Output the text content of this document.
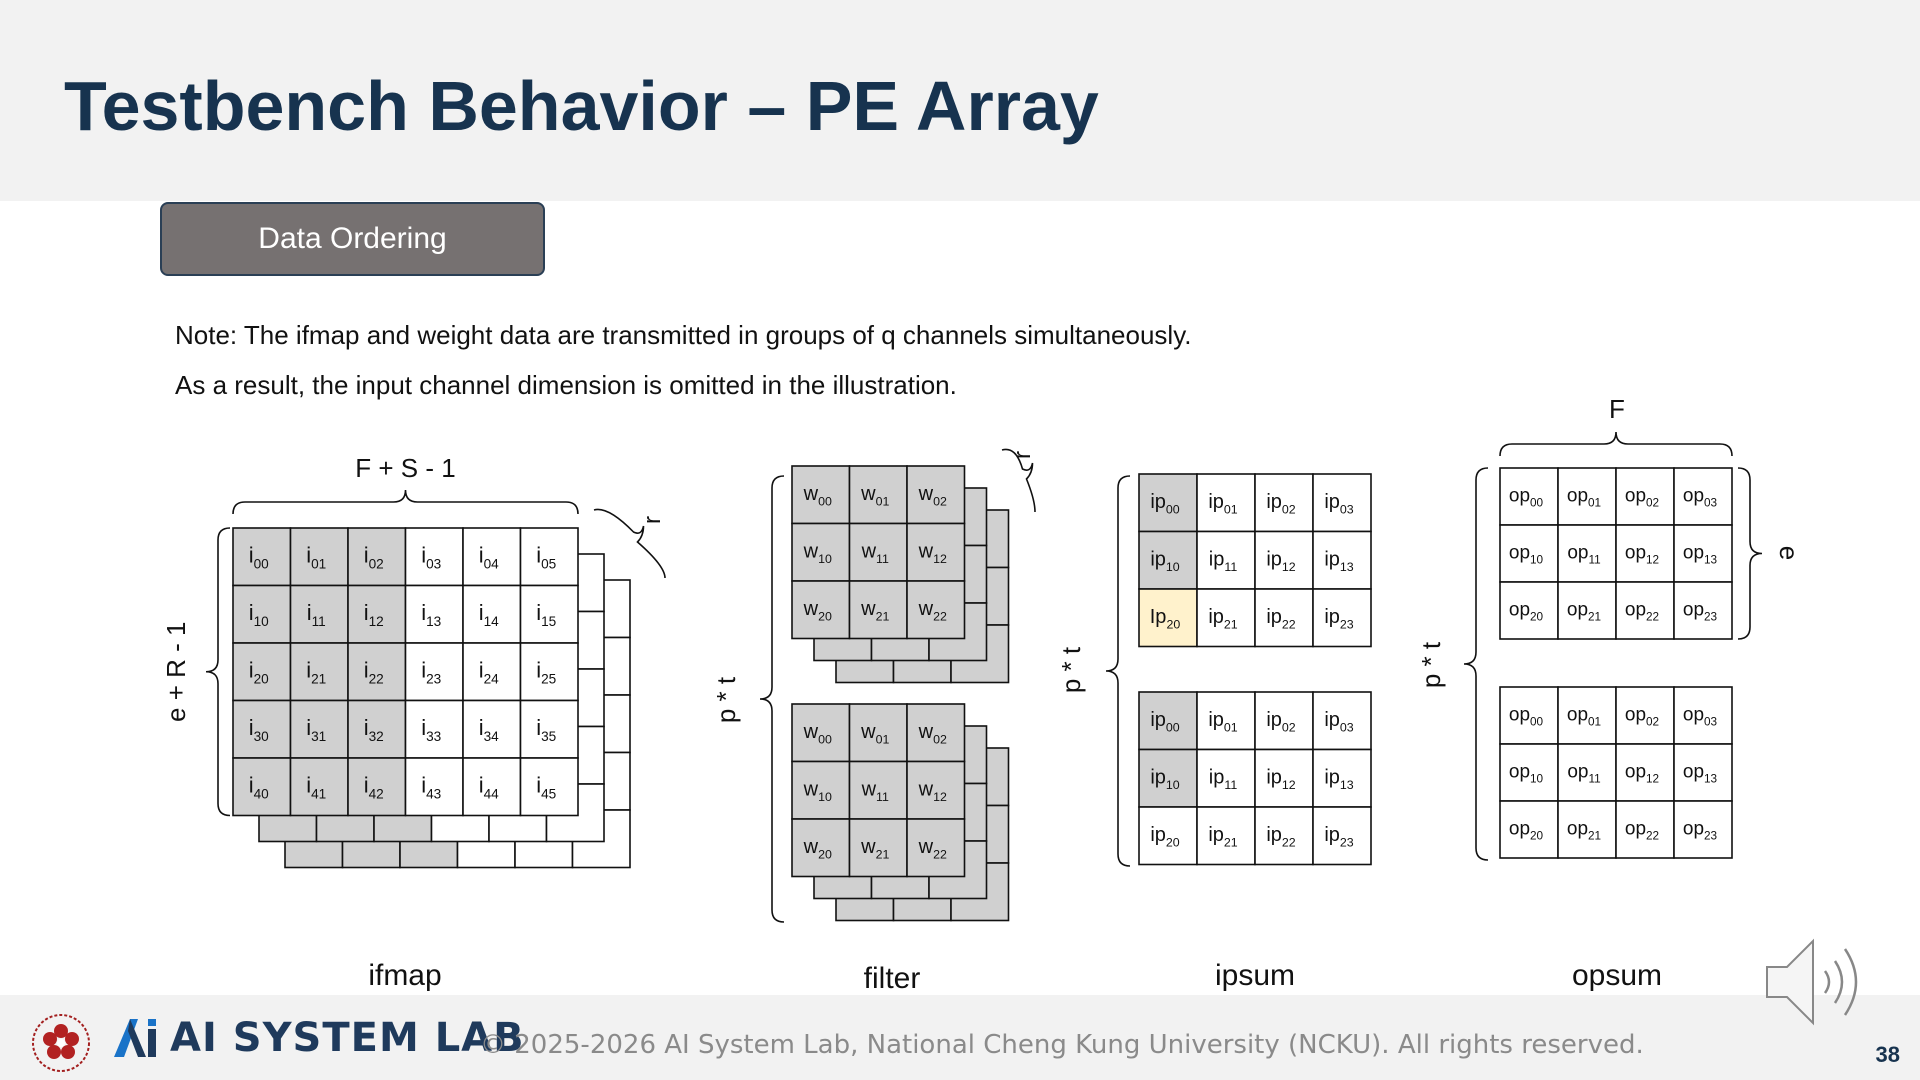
Testbench Behavior – PE Array
Data Ordering
Note: The ifmap and weight data are transmitted in groups of q channels simultaneously.
As a result, the input channel dimension is omitted in the illustration.
$i_{00}$ $i_{01}$ $i_{02}$ $i_{03}$ $i_{04}$ $i_{05}$
$i_{10}$ $i_{11}$ $i_{12}$ $i_{13}$ $i_{14}$ $i_{15}$
$i_{20}$ $i_{21}$ $i_{22}$ $i_{23}$ $i_{24}$ $i_{25}$
$i_{30}$ $i_{31}$ $i_{32}$ $i_{33}$ $i_{34}$ $i_{35}$
$i_{40}$ $i_{41}$ $i_{42}$ $i_{43}$ $i_{44}$ $i_{45}$
F + S - 1
e + R - 1
r
ifmap
$w_{00}$ $w_{01}$ $w_{02}$
$w_{10}$ $w_{11}$ $w_{12}$
$w_{20}$ $w_{21}$ $w_{22}$
$w_{00}$ $w_{01}$ $w_{02}$
$w_{10}$ $w_{11}$ $w_{12}$
$w_{20}$ $w_{21}$ $w_{22}$
p * t
r
filter
$ip_{00}$ $ip_{01}$ $ip_{02}$ $ip_{03}$
$ip_{10}$ $ip_{11}$ $ip_{12}$ $ip_{13}$
$Ip_{20}$ $ip_{21}$ $ip_{22}$ $ip_{23}$
$ip_{00}$ $ip_{01}$ $ip_{02}$ $ip_{03}$
$ip_{10}$ $ip_{11}$ $ip_{12}$ $ip_{13}$
$ip_{20}$ $ip_{21}$ $ip_{22}$ $ip_{23}$
p * t
ipsum
$op_{00}$ $op_{01}$ $op_{02}$ $op_{03}$
$op_{10}$ $op_{11}$ $op_{12}$ $op_{13}$
$op_{20}$ $op_{21}$ $op_{22}$ $op_{23}$
$op_{00}$ $op_{01}$ $op_{02}$ $op_{03}$
$op_{10}$ $op_{11}$ $op_{12}$ $op_{13}$
$op_{20}$ $op_{21}$ $op_{22}$ $op_{23}$
F
e
p * t
opsum
AI SYSTEM LAB
© 2025-2026 AI System Lab, National Cheng Kung University (NCKU). All rights reserved.	38
